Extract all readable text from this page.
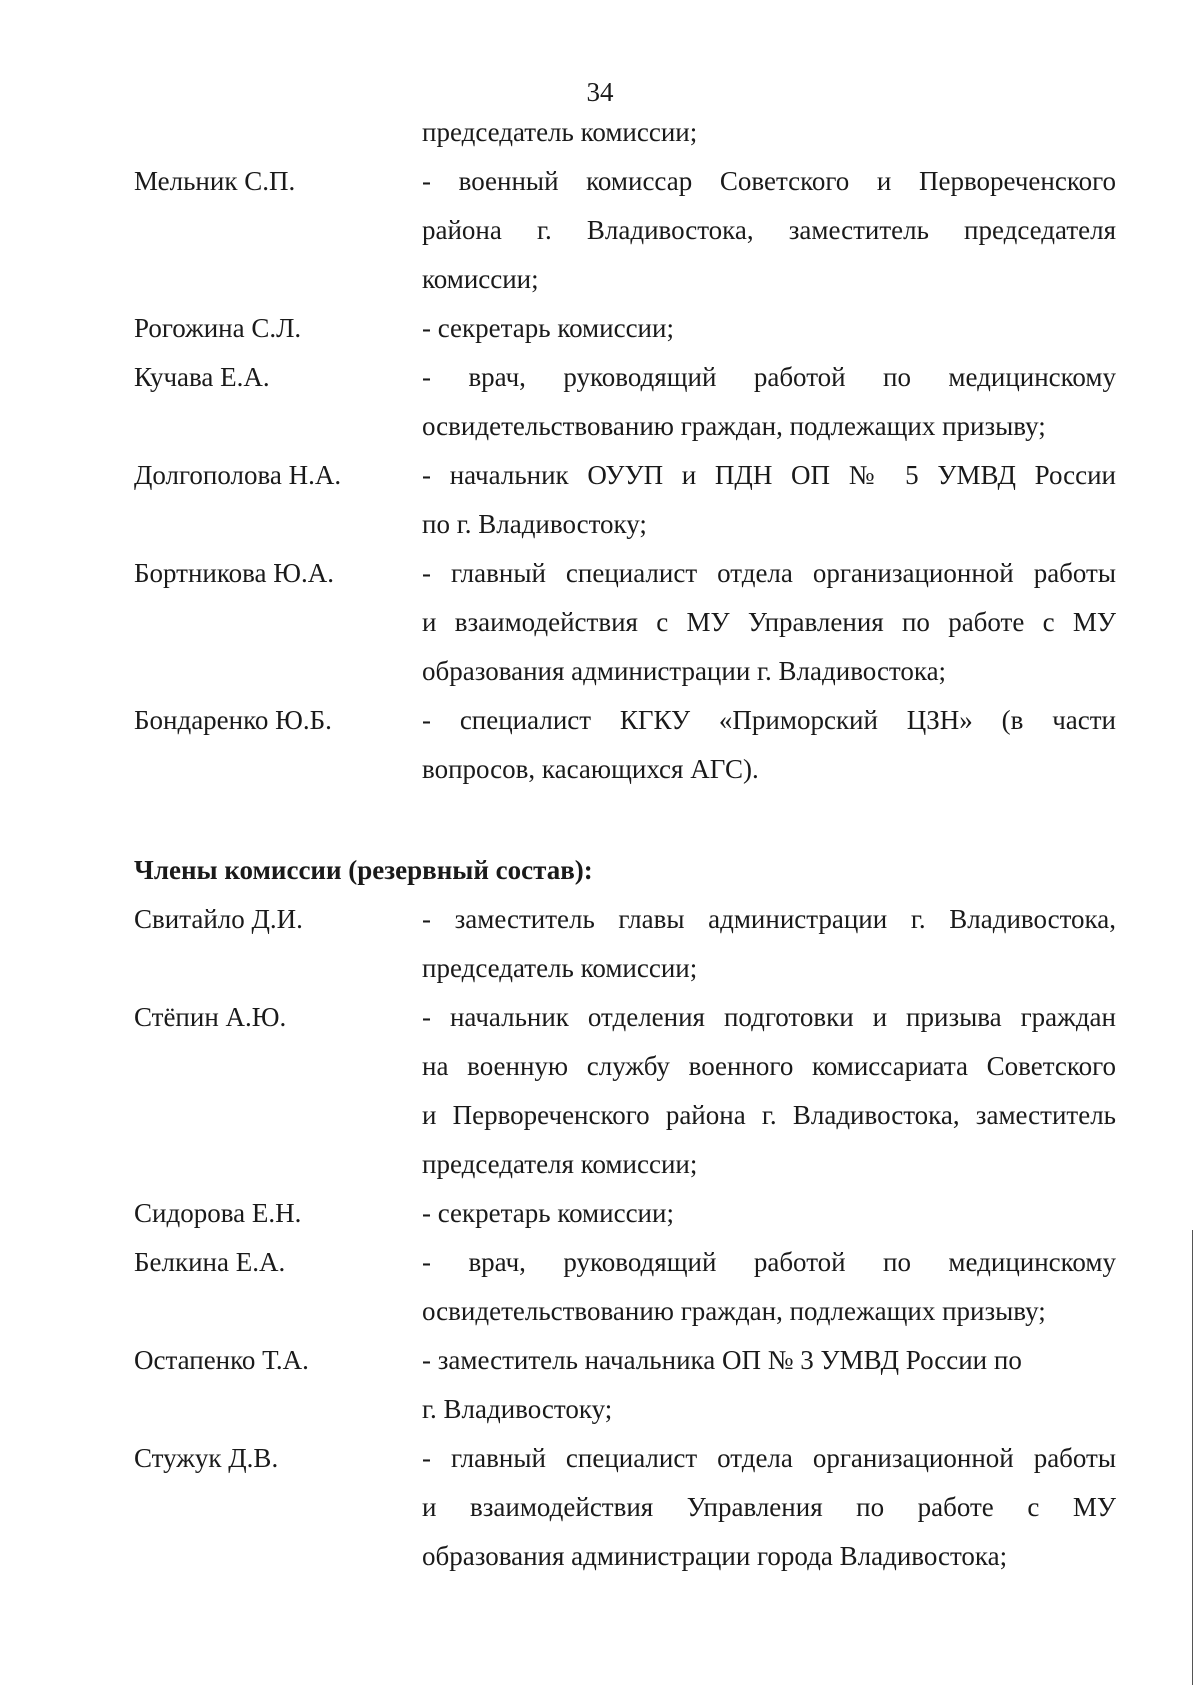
34
председатель комиссии;
Мельник С.П.	- военный комиссар Советского и Первореченского
района г. Владивостока, заместитель председателя
комиссии;
Рогожина С.Л.	- секретарь комиссии;
Кучава Е.А.	- врач, руководящий работой по медицинскому
освидетельствованию граждан, подлежащих призыву;
Долгополова Н.А.	- начальник ОУУП и ПДН ОП № 5 УМВД России
по г. Владивостоку;
Бортникова Ю.А.	- главный специалист отдела организационной работы
и взаимодействия с МУ Управления по работе с МУ
образования администрации г. Владивостока;
Бондаренко Ю.Б.	- специалист КГКУ «Приморский ЦЗН» (в части
вопросов, касающихся АГС).
Члены комиссии (резервный состав):
Свитайло Д.И.	- заместитель главы администрации г. Владивостока,
председатель комиссии;
Стёпин А.Ю.	- начальник отделения подготовки и призыва граждан
на военную службу военного комиссариата Советского
и Первореченского района г. Владивостока, заместитель
председателя комиссии;
Сидорова Е.Н.	- секретарь комиссии;
Белкина Е.А.	- врач, руководящий работой по медицинскому
освидетельствованию граждан, подлежащих призыву;
Остапенко Т.А.	- заместитель начальника ОП № 3 УМВД России по
г. Владивостоку;
Стужук Д.В.	- главный специалист отдела организационной работы
и взаимодействия Управления по работе с МУ
образования администрации города Владивостока;
